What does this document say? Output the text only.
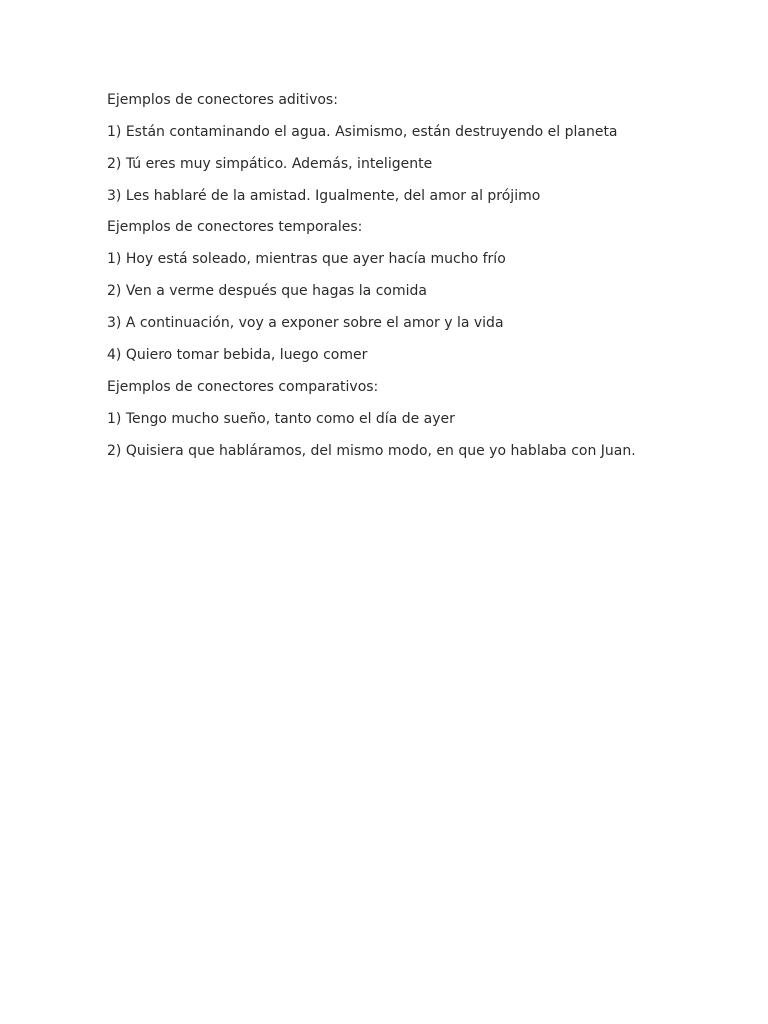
Ejemplos de conectores aditivos:

1) Están contaminando el agua. Asimismo, están destruyendo el planeta

2) Tú eres muy simpático. Además, inteligente

3) Les hablaré de la amistad. Igualmente, del amor al prójimo

Ejemplos de conectores temporales:

1) Hoy está soleado, mientras que ayer hacía mucho frío

2) Ven a verme después que hagas la comida

3) A continuación, voy a exponer sobre el amor y la vida

4) Quiero tomar bebida, luego comer

Ejemplos de conectores comparativos:

1) Tengo mucho sueño, tanto como el día de ayer

2) Quisiera que habláramos, del mismo modo, en que yo hablaba con Juan.
